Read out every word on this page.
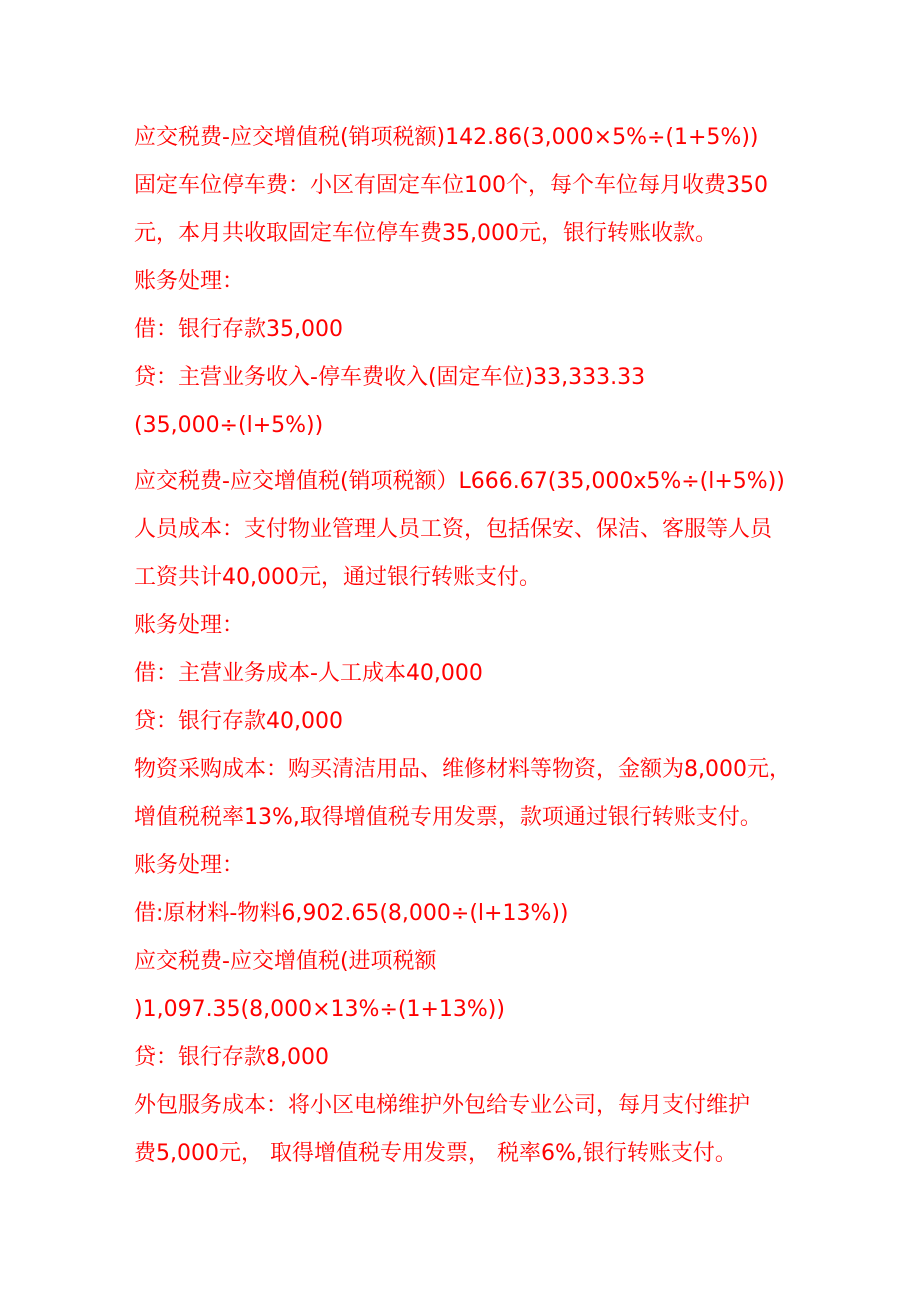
应交税费-应交增值税(销项税额)142.86(3,000×5%÷(1+5%))
固定车位停车费：小区有固定车位100个，每个车位每月收费350
元，本月共收取固定车位停车费35,000元，银行转账收款。
账务处理：
借：银行存款35,000
贷：主营业务收入-停车费收入(固定车位)33,333.33
(35,000÷(l+5%))
应交税费-应交增值税(销项税额）L666.67(35,000x5%÷(l+5%))
人员成本：支付物业管理人员工资，包括保安、保洁、客服等人员
工资共计40,000元，通过银行转账支付。
账务处理：
借：主营业务成本-人工成本40,000
贷：银行存款40,000
物资采购成本：购买清洁用品、维修材料等物资，金额为8,000元，
增值税税率13%,取得增值税专用发票，款项通过银行转账支付。
账务处理：
借:原材料-物料6,902.65(8,000÷(l+13%))
应交税费-应交增值税(进项税额
)1,097.35(8,000×13%÷(1+13%))
贷：银行存款8,000
外包服务成本：将小区电梯维护外包给专业公司，每月支付维护
费5,000元， 取得增值税专用发票， 税率6%,银行转账支付。
